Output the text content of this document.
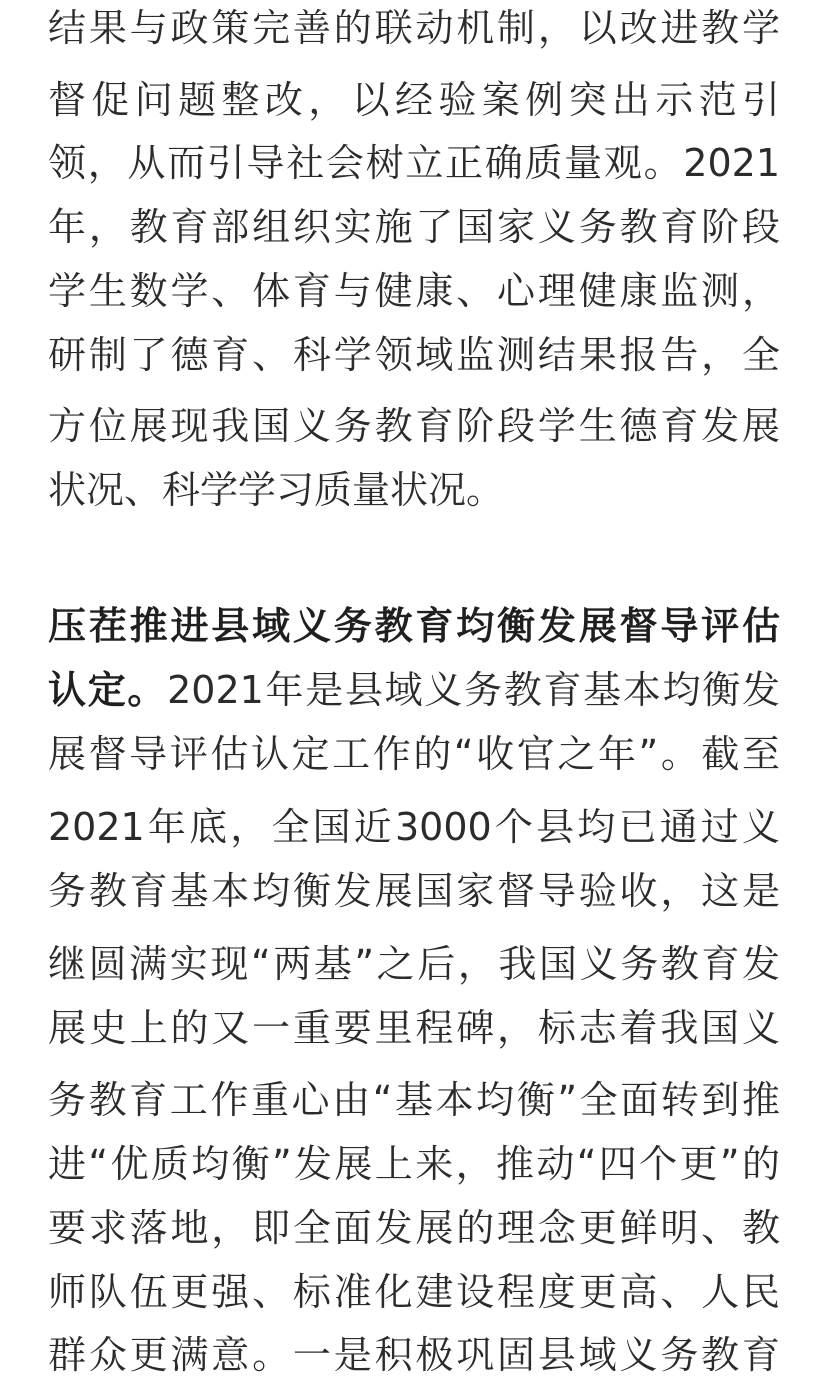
结果与政策完善的联动机制，以改进教学
督促问题整改，以经验案例突出示范引
领，从而引导社会树立正确质量观。2021
年，教育部组织实施了国家义务教育阶段
学生数学、体育与健康、心理健康监测，
研制了德育、科学领域监测结果报告，全
方位展现我国义务教育阶段学生德育发展
状况、科学学习质量状况。
压茬推进县域义务教育均衡发展督导评估
认定。2021年是县域义务教育基本均衡发
展督导评估认定工作的“收官之年”。截至
2021年底，全国近3000个县均已通过义
务教育基本均衡发展国家督导验收，这是
继圆满实现“两基”之后，我国义务教育发
展史上的又一重要里程碑，标志着我国义
务教育工作重心由“基本均衡”全面转到推
进“优质均衡”发展上来，推动“四个更”的
要求落地，即全面发展的理念更鲜明、教
师队伍更强、标准化建设程度更高、人民
群众更满意。一是积极巩固县域义务教育
